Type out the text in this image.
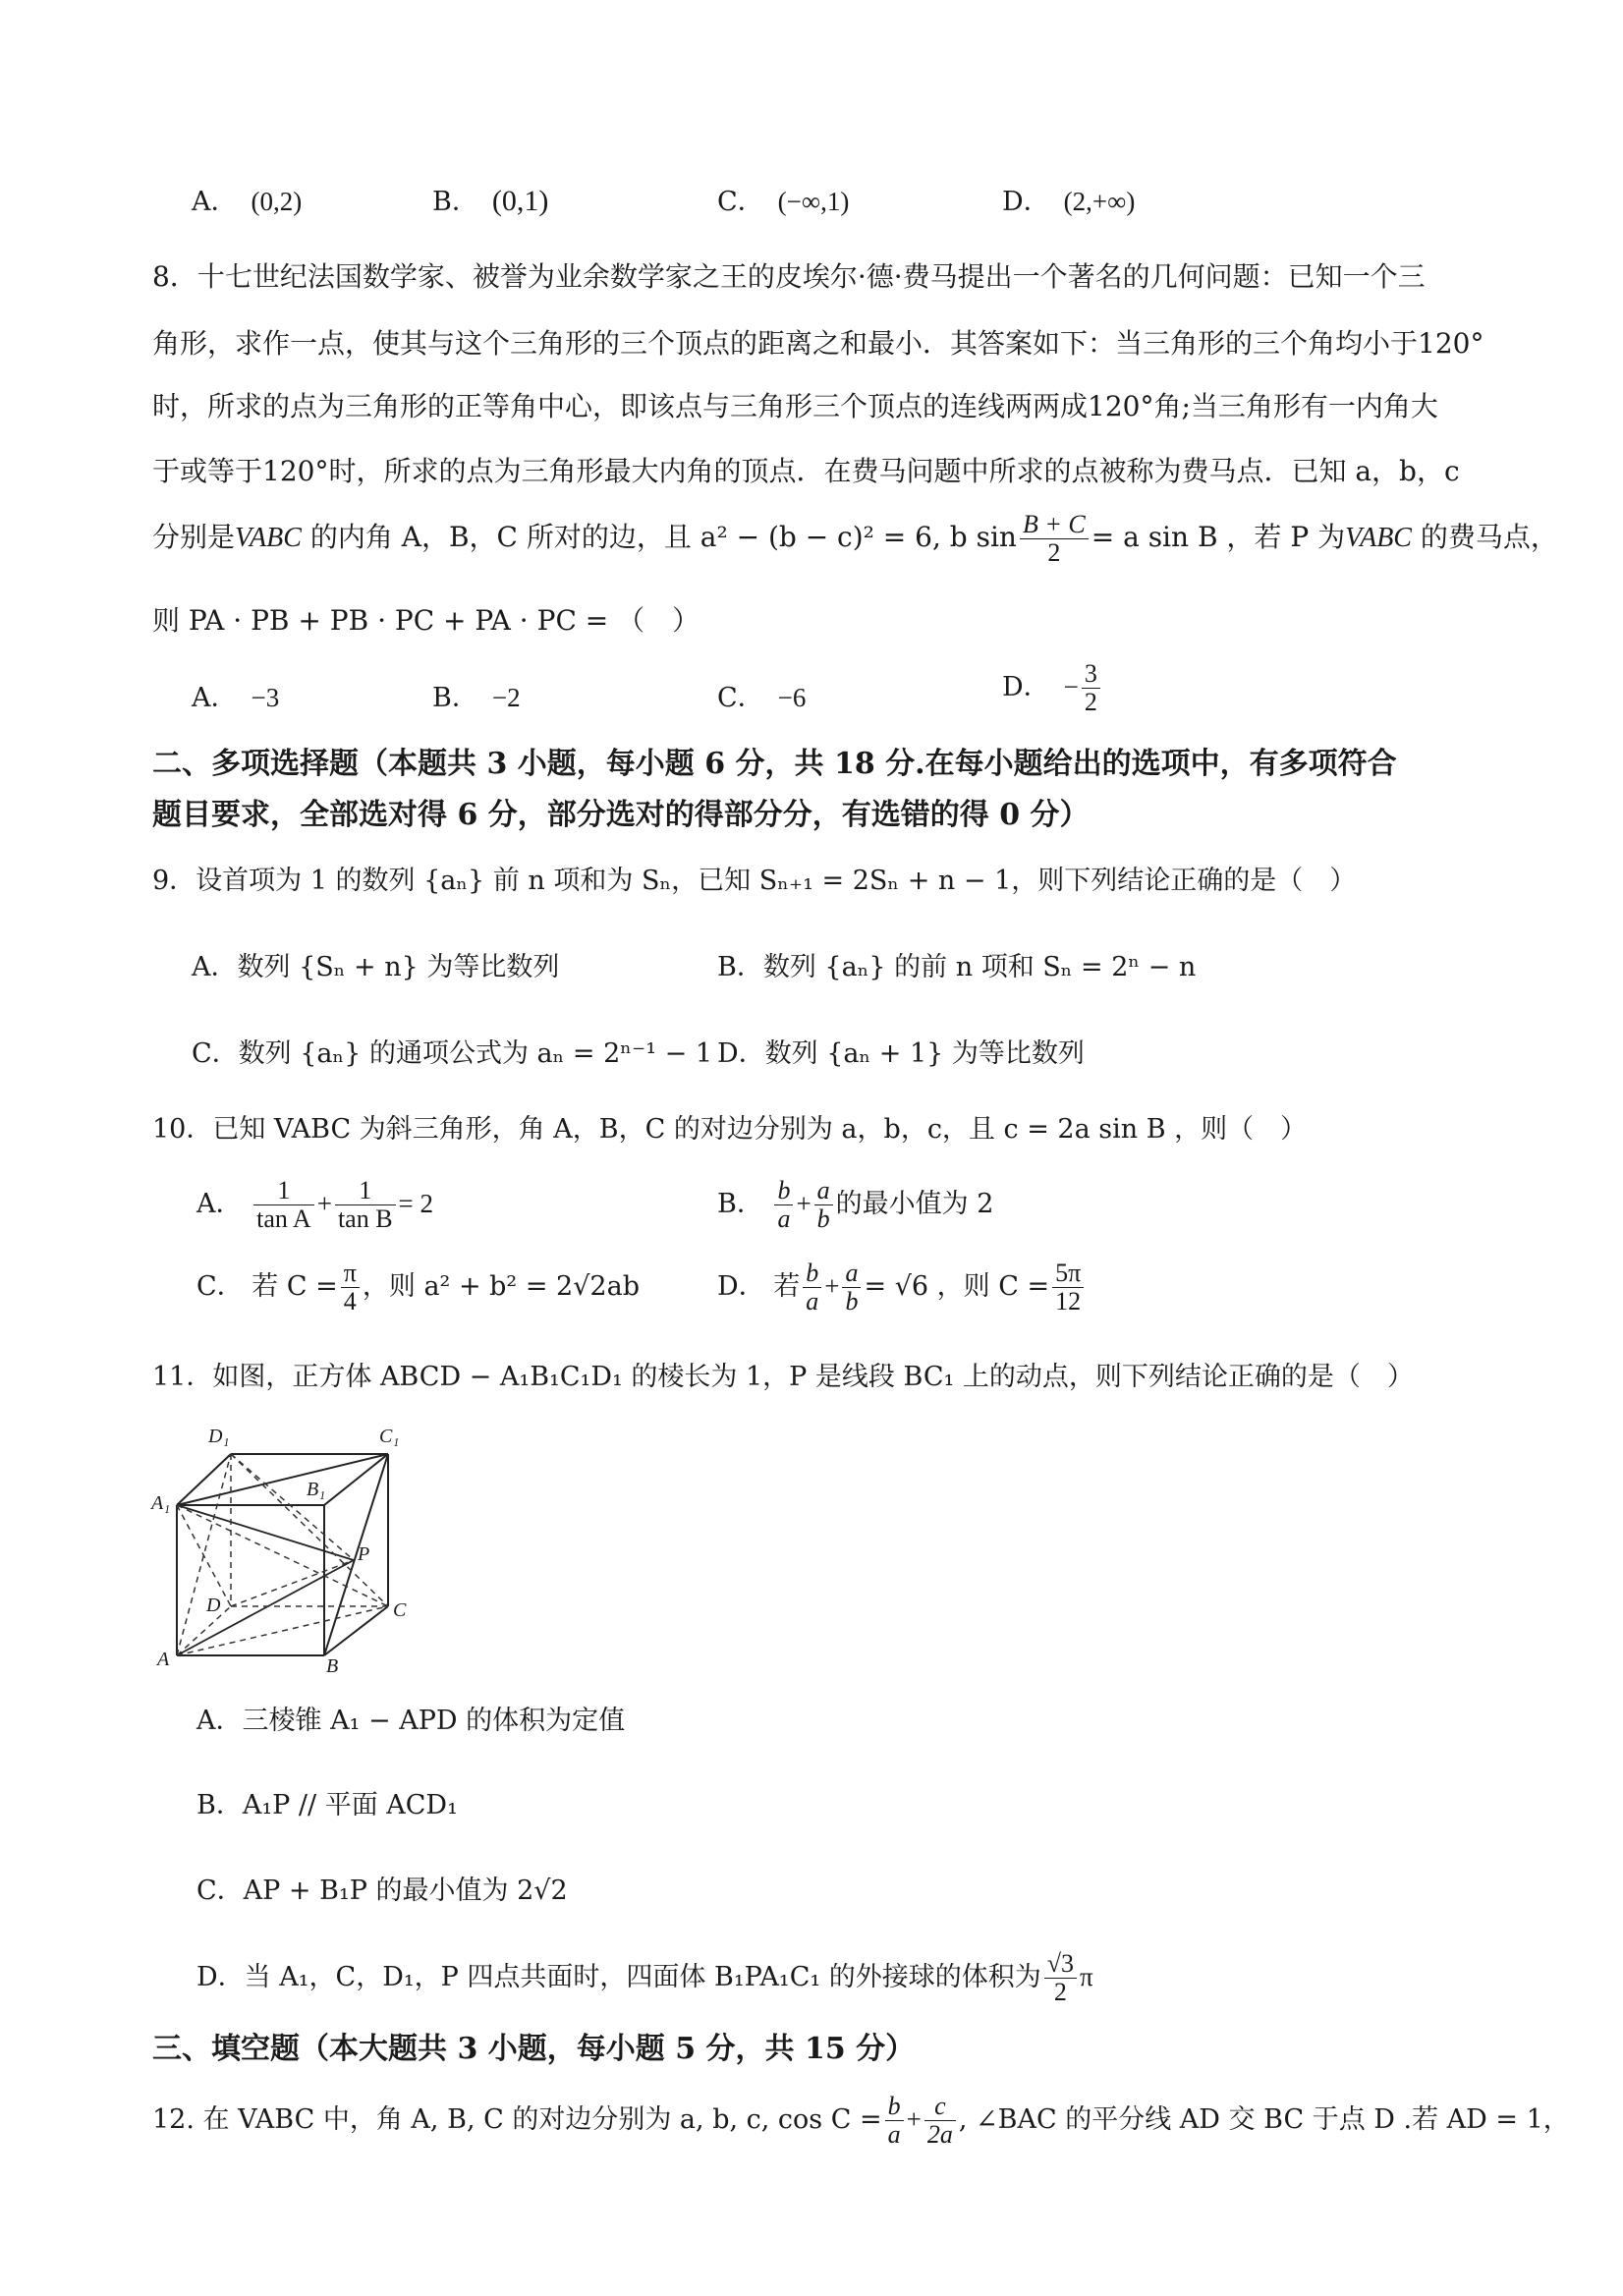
A． (0,2)	B． (0,1)	C． (−∞,1)	D． (2,+∞)
8．十七世纪法国数学家、被誉为业余数学家之王的皮埃尔·德·费马提出一个著名的几何问题：已知一个三
角形，求作一点，使其与这个三角形的三个顶点的距离之和最小．其答案如下：当三角形的三个角均小于120°
时，所求的点为三角形的正等角中心，即该点与三角形三个顶点的连线两两成120°角;当三角形有一内角大
于或等于120°时，所求的点为三角形最大内角的顶点．在费马问题中所求的点被称为费马点．已知 a，b，c
分别是VABC 的内角 A，B，C 所对的边，且 a² − (b − c)² = 6, b $\sin \frac{B + C}{2} = a$ sin B ，若 P 为VABC 的费马点，
则 PA · PB + PB · PC + PA · PC = （　）
A． −3	B． −2	C． −6	D． − $\frac{3}{2}$
二、多项选择题（本题共 3 小题，每小题 6 分，共 18 分.在每小题给出的选项中，有多项符合
题目要求，全部选对得 6 分，部分选对的得部分分，有选错的得 0 分）
9．设首项为 1 的数列 {aₙ} 前 n 项和为 Sₙ，已知 Sₙ₊₁ = 2Sₙ + n − 1，则下列结论正确的是（　）
A．数列 {Sₙ + n} 为等比数列	B．数列 {aₙ} 的前 n 项和 Sₙ = 2ⁿ − n
C．数列 {aₙ} 的通项公式为 aₙ = 2ⁿ⁻¹ − 1 D．数列 {aₙ + 1} 为等比数列
10．已知 VABC 为斜三角形，角 A，B，C 的对边分别为 a，b，c，且 c = 2a sin B ，则（　）
A． $\frac{1}{\text{tan A}} + \frac{1}{\text{tan B}} = 2$	B． $\frac{b}{a} + \frac{a}{b}$ 的最小值为 2
C． 若 $C = \frac{\pi}{4}$ ，则 a² + b² = 2√2ab	D． 若 $\frac{b}{a} + \frac{a}{b} = √6$ ，则 $C = \frac{5\pi}{12}$
11．如图，正方体 ABCD − A₁B₁C₁D₁ 的棱长为 1，P 是线段 BC₁ 上的动点，则下列结论正确的是（　）
D₁	C₁
A₁
B₁
P
D	C
A	B
A．三棱锥 A₁ − APD 的体积为定值
B．A₁P // 平面 ACD₁
C．AP + B₁P 的最小值为 2√2
D．当 A₁，C，D₁，P 四点共面时，四面体 B₁PA₁C₁ 的外接球的体积为 $\frac{√3}{2}$ π
三、填空题（本大题共 3 小题，每小题 5 分，共 15 分）
12. 在 VABC 中，角 A, B, C 的对边分别为 a, b, c, $\cos C = \frac{b}{a} + \frac{c}{2a}$ , ∠BAC 的平分线 AD 交 BC 于点 D .若 AD = 1，
